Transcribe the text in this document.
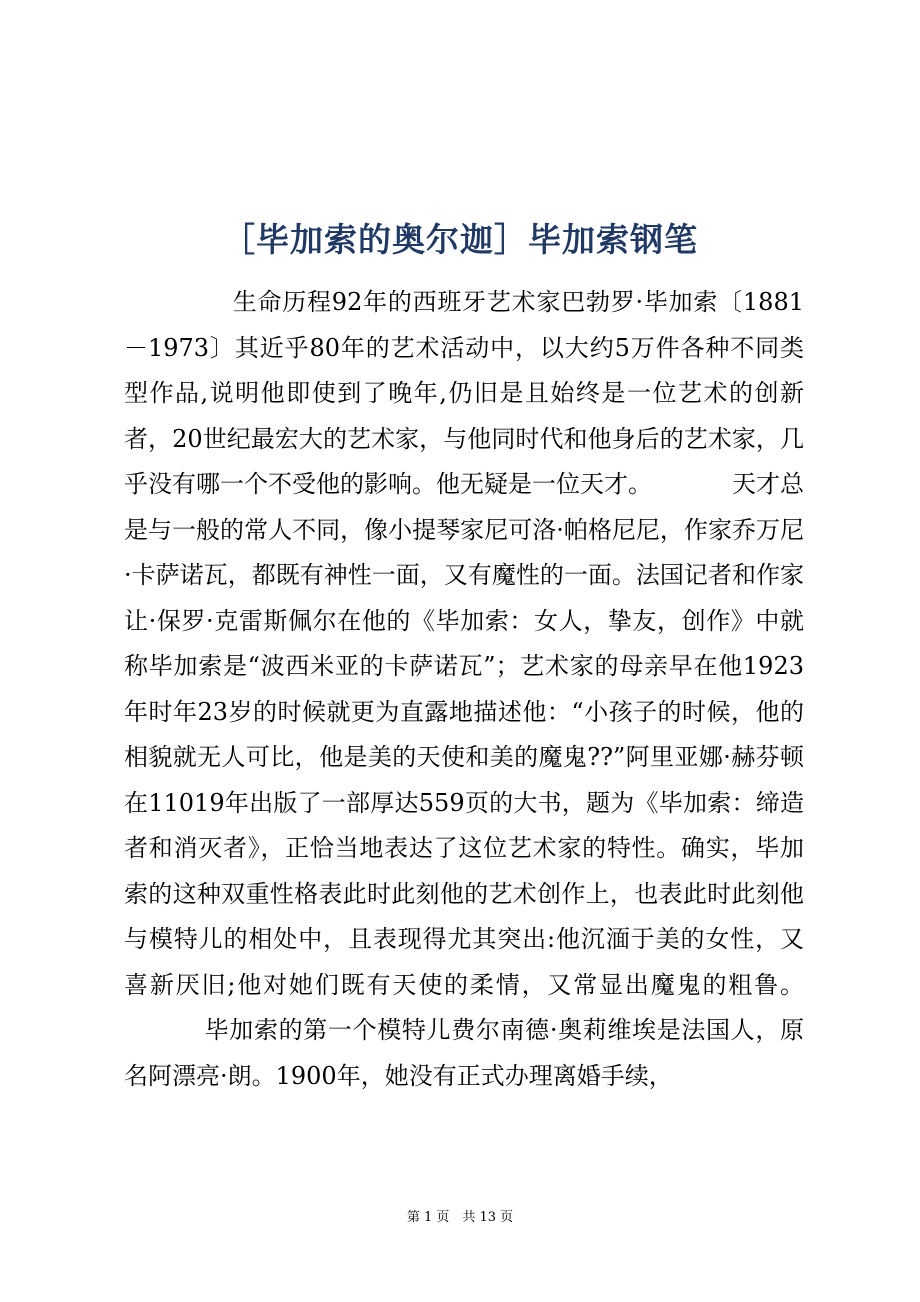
［毕加索的奥尔迦］毕加索钢笔
生命历程92年的西班牙艺术家巴勃罗·毕加索〔1881－1973〕其近乎80年的艺术活动中，以大约5万件各种不同类型作品,说明他即使到了晚年,仍旧是且始终是一位艺术的创新者，20世纪最宏大的艺术家，与他同时代和他身后的艺术家，几乎没有哪一个不受他的影响。他无疑是一位天才。	天才总是与一般的常人不同，像小提琴家尼可洛·帕格尼尼，作家乔万尼·卡萨诺瓦，都既有神性一面，又有魔性的一面。法国记者和作家让·保罗·克雷斯佩尔在他的《毕加索：女人，挚友，创作》中就称毕加索是“波西米亚的卡萨诺瓦”；艺术家的母亲早在他1923年时年23岁的时候就更为直露地描述他：“小孩子的时候，他的相貌就无人可比，他是美的天使和美的魔鬼??”阿里亚娜·赫芬顿在11019年出版了一部厚达559页的大书，题为《毕加索：缔造者和消灭者》，正恰当地表达了这位艺术家的特性。确实，毕加索的这种双重性格表此时此刻他的艺术创作上，也表此时此刻他与模特儿的相处中，且表现得尤其突出:他沉湎于美的女性，又喜新厌旧;他对她们既有天使的柔情，又常显出魔鬼的粗鲁。毕加索的第一个模特儿费尔南德·奥莉维埃是法国人，原名阿漂亮·朗。1900年，她没有正式办理离婚手续，
第 1 页　共 13 页
